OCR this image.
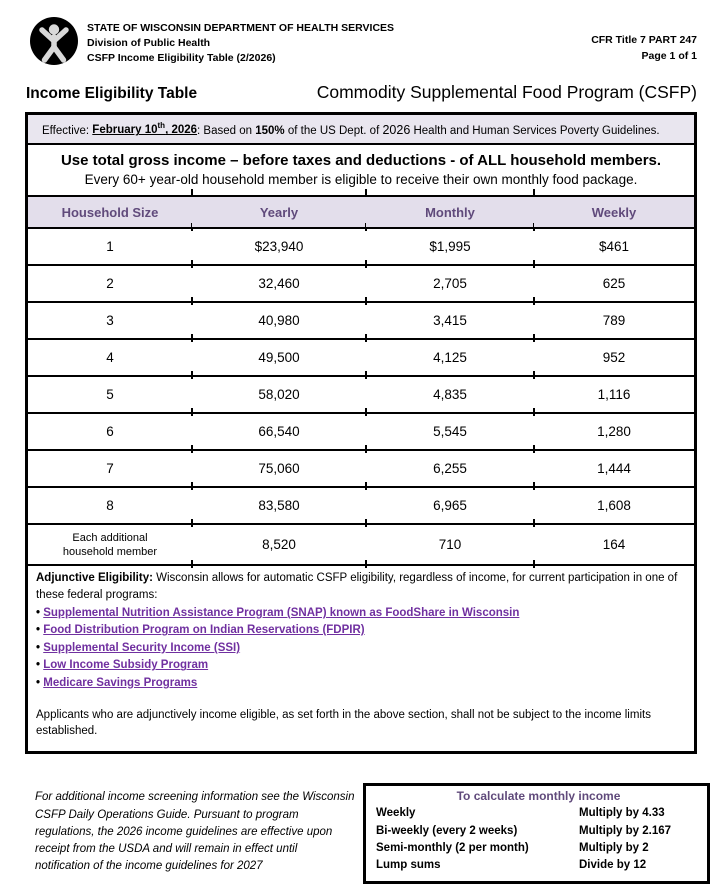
STATE OF WISCONSIN DEPARTMENT OF HEALTH SERVICES
Division of Public Health
CSFP Income Eligibility Table (2/2026)
CFR Title 7 PART 247
Page 1 of 1
Income Eligibility Table	Commodity Supplemental Food Program (CSFP)
Effective: February 10th, 2026: Based on 150% of the US Dept. of 2026 Health and Human Services Poverty Guidelines.
Use total gross income – before taxes and deductions - of ALL household members.
Every 60+ year-old household member is eligible to receive their own monthly food package.
Household Size	Yearly	Monthly	Weekly
1	$23,940	$1,995	$461
2	32,460	2,705	625
3	40,980	3,415	789
4	49,500	4,125	952
5	58,020	4,835	1,116
6	66,540	5,545	1,280
7	75,060	6,255	1,444
8	83,580	6,965	1,608
Each additional household member	8,520	710	164
Adjunctive Eligibility: Wisconsin allows for automatic CSFP eligibility, regardless of income, for current participation in one of these federal programs:
• Supplemental Nutrition Assistance Program (SNAP) known as FoodShare in Wisconsin
• Food Distribution Program on Indian Reservations (FDPIR)
• Supplemental Security Income (SSI)
• Low Income Subsidy Program
• Medicare Savings Programs
Applicants who are adjunctively income eligible, as set forth in the above section, shall not be subject to the income limits established.
For additional income screening information see the Wisconsin CSFP Daily Operations Guide. Pursuant to program regulations, the 2026 income guidelines are effective upon receipt from the USDA and will remain in effect until notification of the income guidelines for 2027
To calculate monthly income
Weekly	Multiply by 4.33
Bi-weekly (every 2 weeks)	Multiply by 2.167
Semi-monthly (2 per month)	Multiply by 2
Lump sums	Divide by 12
